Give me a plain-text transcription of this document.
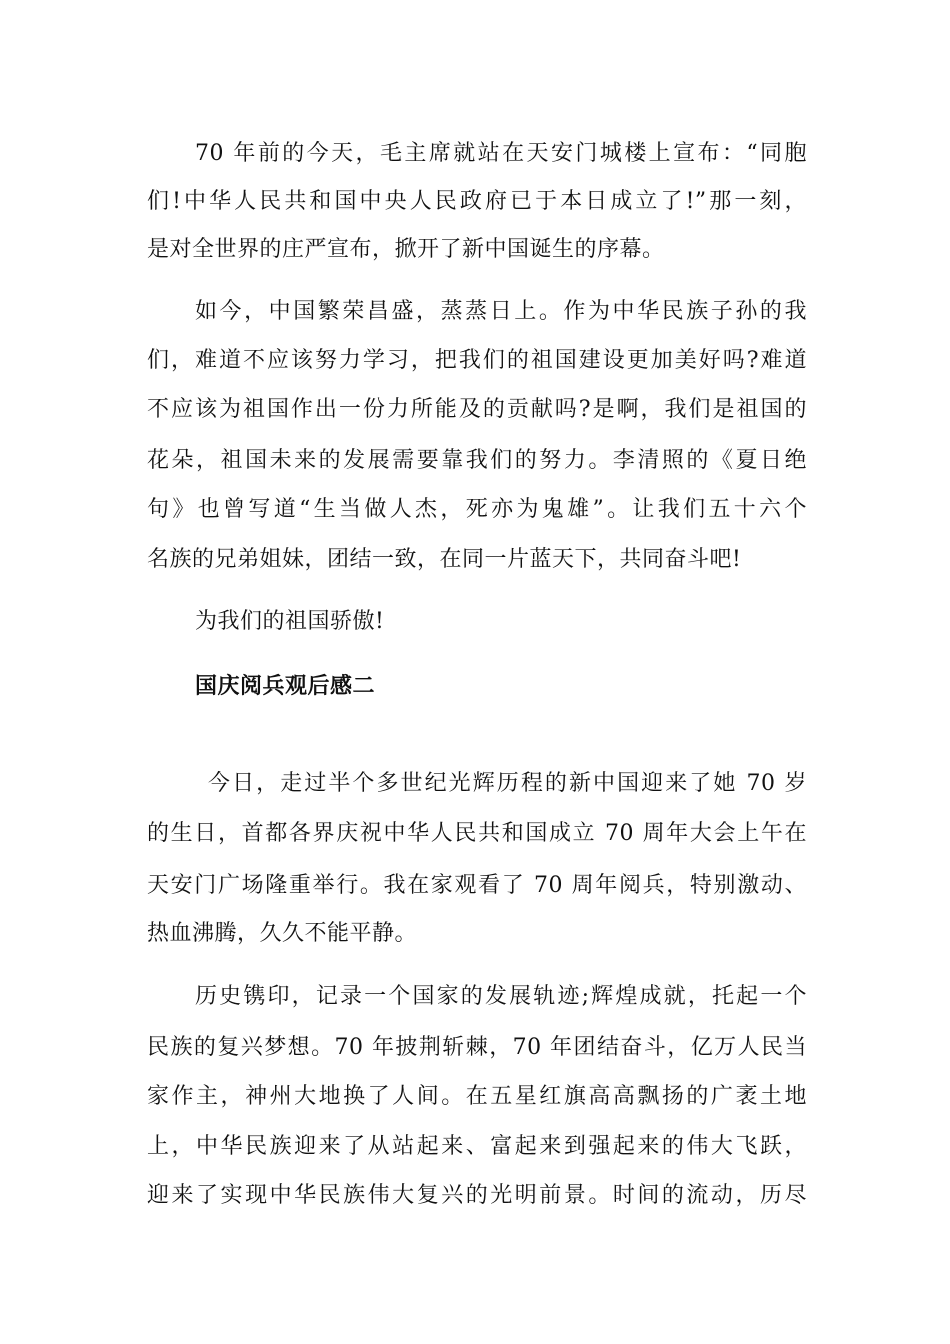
70 年前的今天，毛主席就站在天安门城楼上宣布：“同胞
们!中华人民共和国中央人民政府已于本日成立了!”那一刻，
是对全世界的庄严宣布，掀开了新中国诞生的序幕。
如今，中国繁荣昌盛，蒸蒸日上。作为中华民族子孙的我
们，难道不应该努力学习，把我们的祖国建设更加美好吗?难道
不应该为祖国作出一份力所能及的贡献吗?是啊，我们是祖国的
花朵，祖国未来的发展需要靠我们的努力。李清照的《夏日绝
句》也曾写道“生当做人杰，死亦为鬼雄”。让我们五十六个
名族的兄弟姐妹，团结一致，在同一片蓝天下，共同奋斗吧!
为我们的祖国骄傲!
国庆阅兵观后感二
今日，走过半个多世纪光辉历程的新中国迎来了她 70 岁
的生日，首都各界庆祝中华人民共和国成立 70 周年大会上午在
天安门广场隆重举行。我在家观看了 70 周年阅兵，特别激动、
热血沸腾，久久不能平静。
历史镌印，记录一个国家的发展轨迹;辉煌成就，托起一个
民族的复兴梦想。70 年披荆斩棘，70 年团结奋斗，亿万人民当
家作主，神州大地换了人间。在五星红旗高高飘扬的广袤土地
上，中华民族迎来了从站起来、富起来到强起来的伟大飞跃，
迎来了实现中华民族伟大复兴的光明前景。时间的流动，历尽
